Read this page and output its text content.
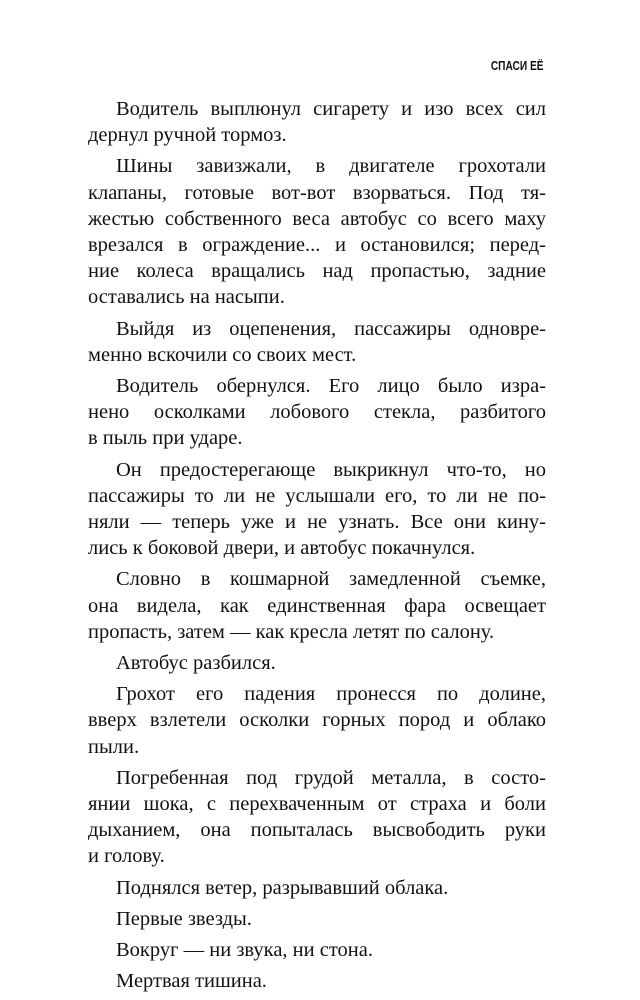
СПАСИ ЕЁ

Водитель выплюнул сигарету и изо всех сил
дернул ручной тормоз.

Шины завизжали, в двигателе грохотали
клапаны, готовые вот-вот взорваться. Под тя-
жестью собственного веса автобус со всего маху
врезался в ограждение... и остановился; перед-
ние колеса вращались над пропастью, задние
оставались на насыпи.

Выйдя из оцепенения, пассажиры одновре-
менно вскочили со своих мест.

Водитель обернулся. Его лицо было изра-
нено осколками лобового стекла, разбитого
в пыль при ударе.

Он предостерегающе выкрикнул что-то, но
пассажиры то ли не услышали его, то ли не по-
няли — теперь уже и не узнать. Все они кину-
лись к боковой двери, и автобус покачнулся.

Словно в кошмарной замедленной съемке,
она видела, как единственная фара освещает
пропасть, затем — как кресла летят по салону.

Автобус разбился.

Грохот его падения пронесся по долине,
вверх взлетели осколки горных пород и облако
пыли.

Погребенная под грудой металла, в состо-
янии шока, с перехваченным от страха и боли
дыханием, она попыталась высвободить руки
и голову.

Поднялся ветер, разрывавший облака.

Первые звезды.

Вокруг — ни звука, ни стона.

Мертвая тишина.
